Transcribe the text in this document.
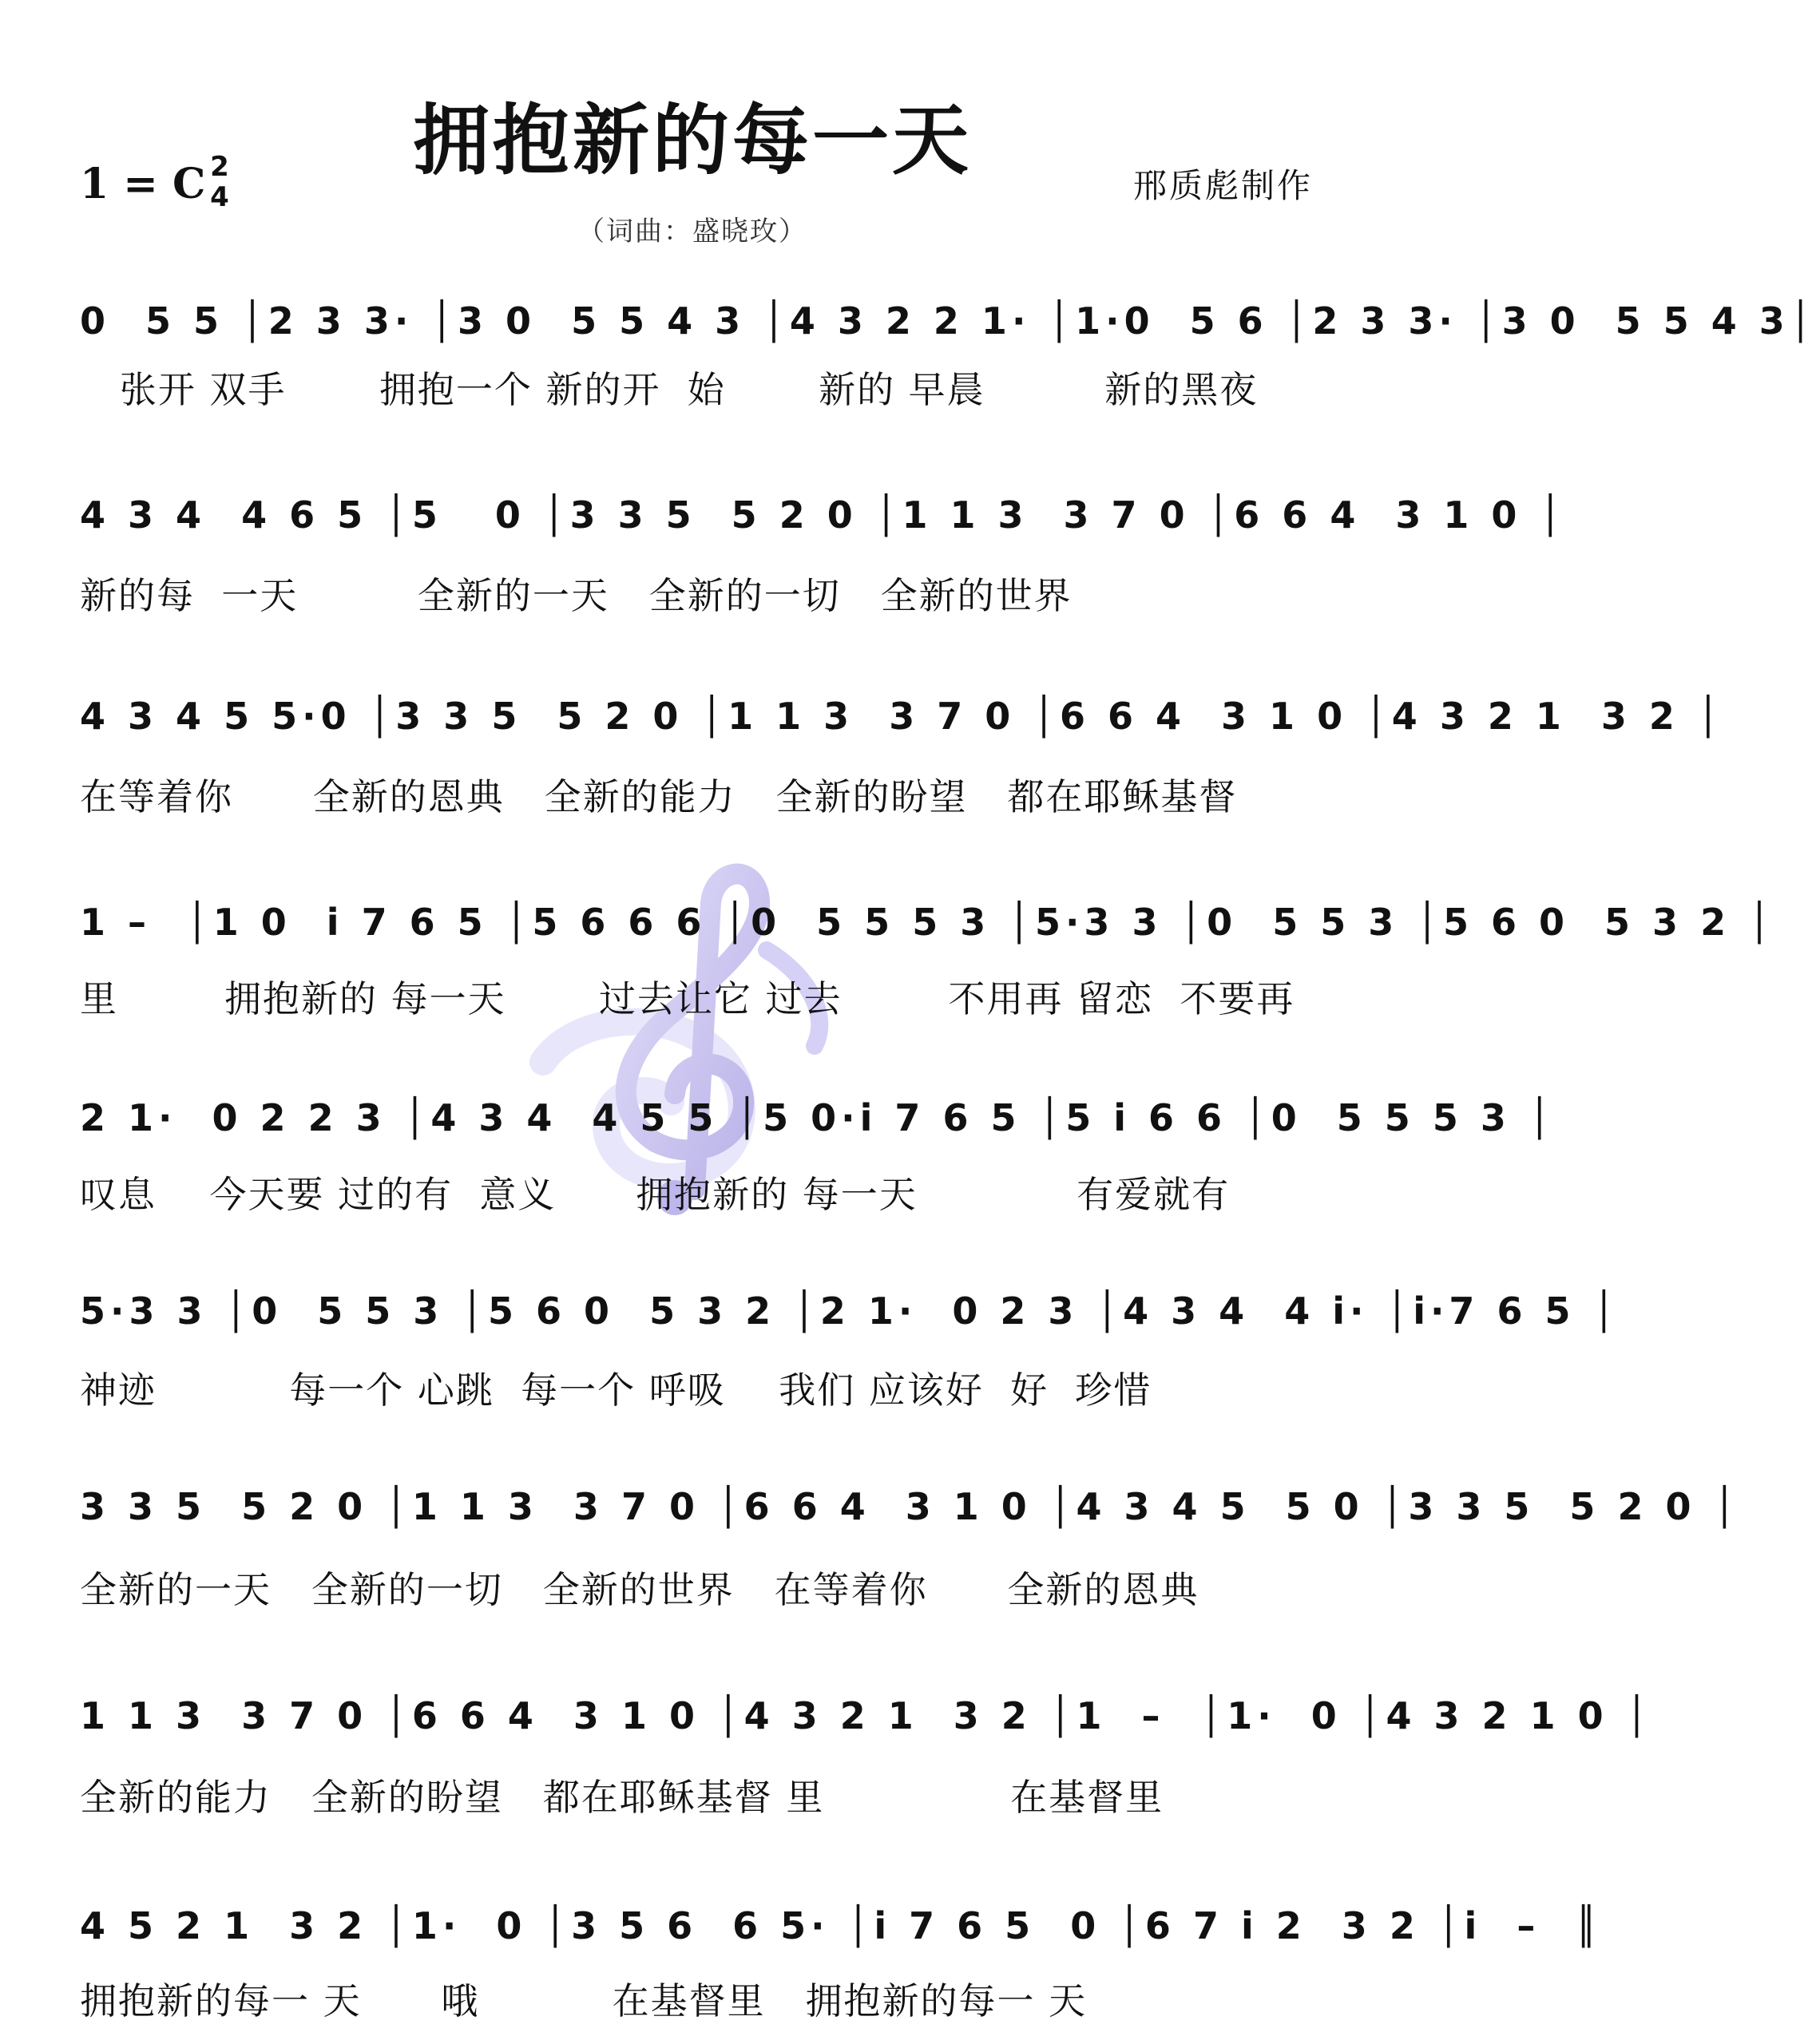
拥抱新的每一天
1 = C 2
4	邢质彪制作
（词曲：盛晓玫）
0  5 5 │2 3 3· │3 0  5 5 4 3 │4 3 2 2 1· │1·0  5 6 │2 3 3· │3 0  5 5 4 3│
张开 双手       拥抱一个 新的开  始       新的 早晨         新的黑夜
4 3 4  4 6 5 │5   0 │3 3 5  5 2 0 │1 1 3  3 7 0 │6 6 4  3 1 0 │
新的每  一天         全新的一天   全新的一切   全新的世界
4 3 4 5 5·0 │3 3 5  5 2 0 │1 1 3  3 7 0 │6 6 4  3 1 0 │4 3 2 1  3 2 │
在等着你      全新的恩典   全新的能力   全新的盼望   都在耶稣基督
1 –  │1 0  i 7 6 5 │5 6 6 6 │0  5 5 5 3 │5·3 3 │0  5 5 3 │5 6 0  5 3 2 │
里        拥抱新的 每一天       过去让它 过去        不用再 留恋  不要再
2 1·  0 2 2 3 │4 3 4  4 5 5 │5 0·i 7 6 5 │5 i 6 6 │0  5 5 5 3 │
叹息    今天要 过的有  意义      拥抱新的 每一天            有爱就有
5·3 3 │0  5 5 3 │5 6 0  5 3 2 │2 1·  0 2 3 │4 3 4  4 i· │i·7 6 5 │
神迹          每一个 心跳  每一个 呼吸    我们 应该好  好  珍惜
3 3 5  5 2 0 │1 1 3  3 7 0 │6 6 4  3 1 0 │4 3 4 5  5 0 │3 3 5  5 2 0 │
全新的一天   全新的一切   全新的世界   在等着你      全新的恩典
1 1 3  3 7 0 │6 6 4  3 1 0 │4 3 2 1  3 2 │1  –  │1·  0 │4 3 2 1 0 │
全新的能力   全新的盼望   都在耶稣基督 里              在基督里
4 5 2 1  3 2 │1·  0 │3 5 6  6 5· │i 7 6 5  0 │6 7 i 2  3 2 │i  –  ║
拥抱新的每一 天      哦          在基督里   拥抱新的每一 天
